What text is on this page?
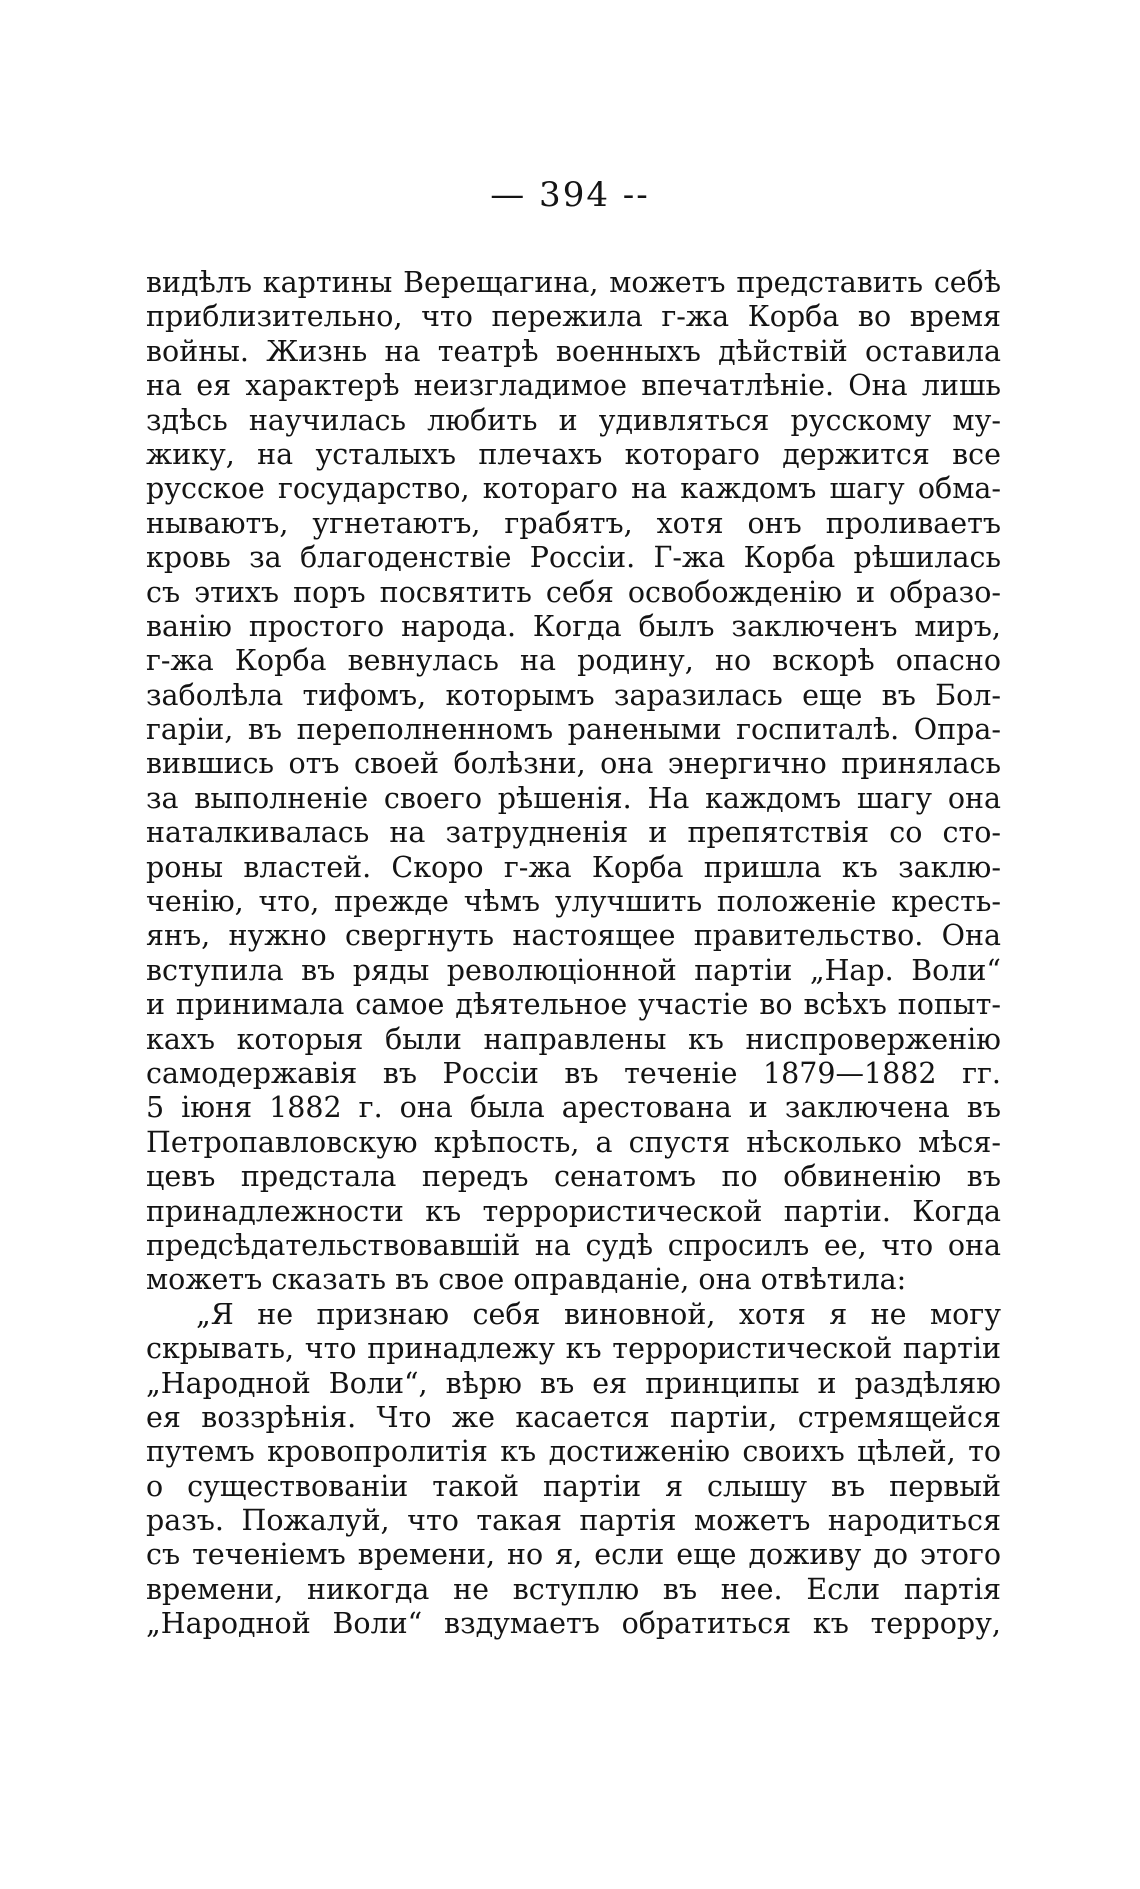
— 394 --
видѣлъ картины Верещагина, можетъ представить себѣ
приблизительно, что пережила г-жа Корба во время
войны. Жизнь на театрѣ военныхъ дѣйствій оставила
на ея характерѣ неизгладимое впечатлѣніе. Она лишь
здѣсь научилась любить и удивляться русскому му-
жику, на усталыхъ плечахъ котораго держится все
русское государство, котораго на каждомъ шагу обма-
нываютъ, угнетаютъ, грабятъ, хотя онъ проливаетъ
кровь за благоденствіе Россіи. Г-жа Корба рѣшилась
съ этихъ поръ посвятить себя освобожденію и образо-
ванію простого народа. Когда былъ заключенъ миръ,
г-жа Корба вевнулась на родину, но вскорѣ опасно
заболѣла тифомъ, которымъ заразилась еще въ Бол-
гаріи, въ переполненномъ ранеными госпиталѣ. Опра-
вившись отъ своей болѣзни, она энергично принялась
за выполненіе своего рѣшенія. На каждомъ шагу она
наталкивалась на затрудненія и препятствія со сто-
роны властей. Скоро г-жа Корба пришла къ заклю-
ченію, что, прежде чѣмъ улучшить положеніе кресть-
янъ, нужно свергнуть настоящее правительство. Она
вступила въ ряды революціонной партіи „Нар. Воли“
и принимала самое дѣятельное участіе во всѣхъ попыт-
кахъ которыя были направлены къ ниспроверженію
самодержавія въ Россіи въ теченіе 1879—1882 гг.
5 іюня 1882 г. она была арестована и заключена въ
Петропавловскую крѣпость, а спустя нѣсколько мѣся-
цевъ предстала передъ сенатомъ по обвиненію въ
принадлежности къ террористической партіи. Когда
предсѣдательствовавшій на судѣ спросилъ ее, что она
можетъ сказать въ свое оправданіе, она отвѣтила:
„Я не признаю себя виновной, хотя я не могу
скрывать, что принадлежу къ террористической партіи
„Народной Воли“, вѣрю въ ея принципы и раздѣляю
ея воззрѣнія. Что же касается партіи, стремящейся
путемъ кровопролитія къ достиженію своихъ цѣлей, то
о существованіи такой партіи я слышу въ первый
разъ. Пожалуй, что такая партія можетъ народиться
съ теченіемъ времени, но я, если еще доживу до этого
времени, никогда не вступлю въ нее. Если партія
„Народной Воли“ вздумаетъ обратиться къ террору,
